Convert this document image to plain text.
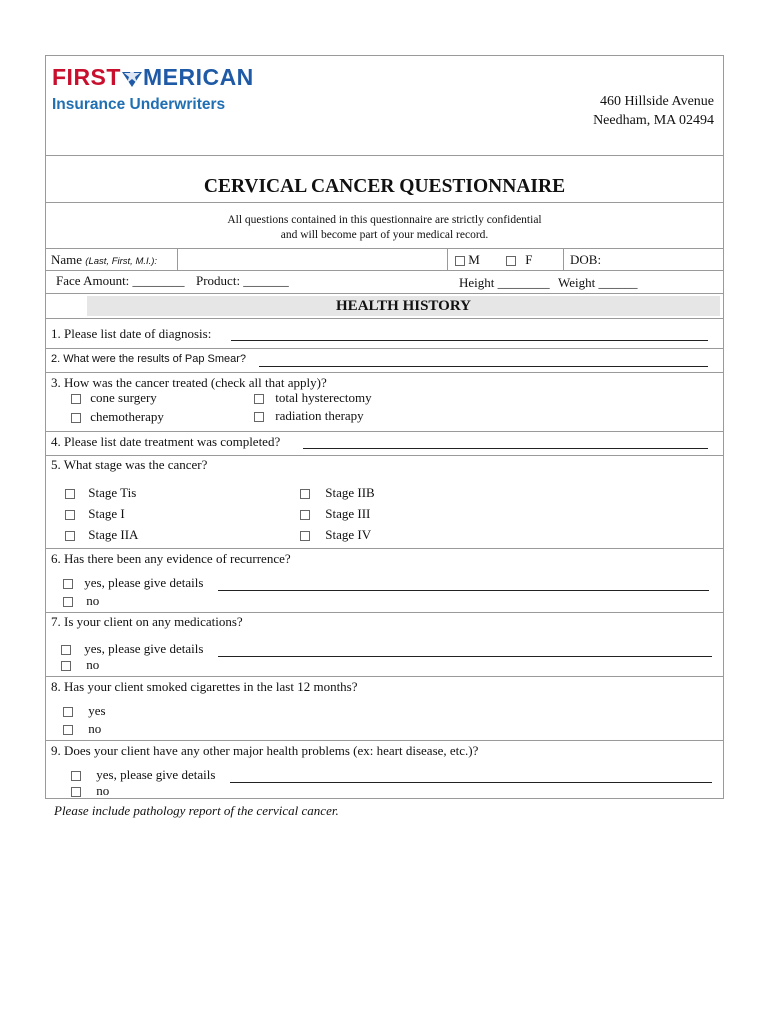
FIRST MERICAN
Insurance Underwriters	460 Hillside Avenue
Needham, MA 02494
CERVICAL CANCER QUESTIONNAIRE
All questions contained in this questionnaire are strictly confidential
and will become part of your medical record.
Name (Last, First, M.I.):	M	F	DOB:
Face Amount: ________ Product: _______	Height ________ Weight ______
HEALTH HISTORY
1. Please list date of diagnosis:
2. What were the results of Pap Smear?
3. How was the cancer treated (check all that apply)?
cone surgery
chemotherapy
total hysterectomy
radiation therapy
4. Please list date treatment was completed?
5. What stage was the cancer?
Stage Tis
Stage I
Stage IIA
Stage IIB
Stage III
Stage IV
6. Has there been any evidence of recurrence?
yes, please give details
no
7. Is your client on any medications?
yes, please give details
no
8. Has your client smoked cigarettes in the last 12 months?
yes
no
9. Does your client have any other major health problems (ex: heart disease, etc.)?
yes, please give details
no
Please include pathology report of the cervical cancer.
